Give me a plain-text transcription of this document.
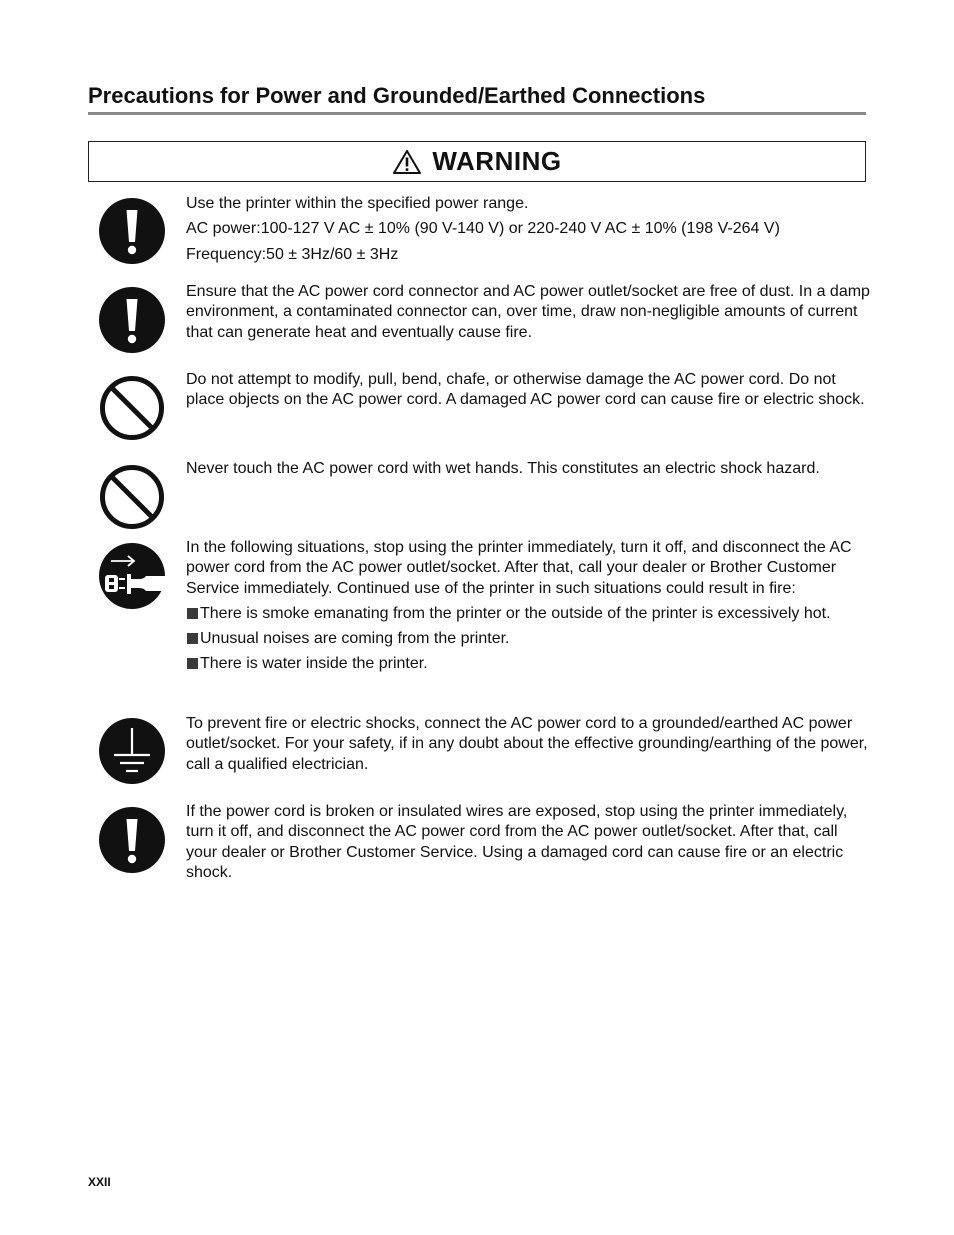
Precautions for Power and Grounded/Earthed Connections
WARNING

Use the printer within the specified power range.

AC power:100-127 V AC ± 10% (90 V-140 V) or 220-240 V AC ± 10% (198 V-264 V)

Frequency:50 ± 3Hz/60 ± 3Hz

Ensure that the AC power cord connector and AC power outlet/socket are free of dust. In a damp environment, a contaminated connector can, over time, draw non-negligible amounts of current that can generate heat and eventually cause fire.

Do not attempt to modify, pull, bend, chafe, or otherwise damage the AC power cord. Do not place objects on the AC power cord. A damaged AC power cord can cause fire or electric shock.

Never touch the AC power cord with wet hands. This constitutes an electric shock hazard.

In the following situations, stop using the printer immediately, turn it off, and disconnect the AC power cord from the AC power outlet/socket. After that, call your dealer or Brother Customer Service immediately. Continued use of the printer in such situations could result in fire:

There is smoke emanating from the printer or the outside of the printer is excessively hot.
Unusual noises are coming from the printer.
There is water inside the printer.

To prevent fire or electric shocks, connect the AC power cord to a grounded/earthed AC power outlet/socket. For your safety, if in any doubt about the effective grounding/earthing of the power, call a qualified electrician.

If the power cord is broken or insulated wires are exposed, stop using the printer immediately, turn it off, and disconnect the AC power cord from the AC power outlet/socket. After that, call your dealer or Brother Customer Service. Using a damaged cord can cause fire or an electric shock.

XXII
